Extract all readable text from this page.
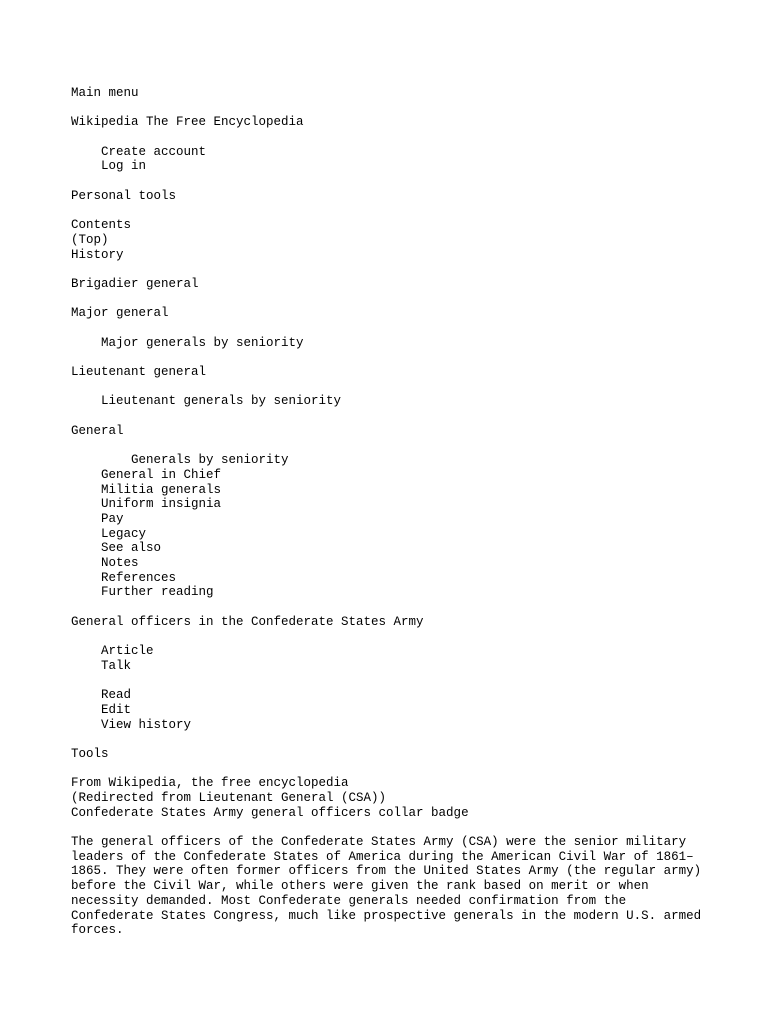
Main menu
Wikipedia The Free Encyclopedia
Create account
Log in
Personal tools
Contents
(Top)
History
Brigadier general
Major general
Major generals by seniority
Lieutenant general
Lieutenant generals by seniority
General
Generals by seniority
General in Chief
Militia generals
Uniform insignia
Pay
Legacy
See also
Notes
References
Further reading
General officers in the Confederate States Army
Article
Talk
Read
Edit
View history
Tools
From Wikipedia, the free encyclopedia
(Redirected from Lieutenant General (CSA))
Confederate States Army general officers collar badge
The general officers of the Confederate States Army (CSA) were the senior military leaders of the Confederate States of America during the American Civil War of 1861–1865. They were often former officers from the United States Army (the regular army) before the Civil War, while others were given the rank based on merit or when necessity demanded. Most Confederate generals needed confirmation from the Confederate States Congress, much like prospective generals in the modern U.S. armed forces.
